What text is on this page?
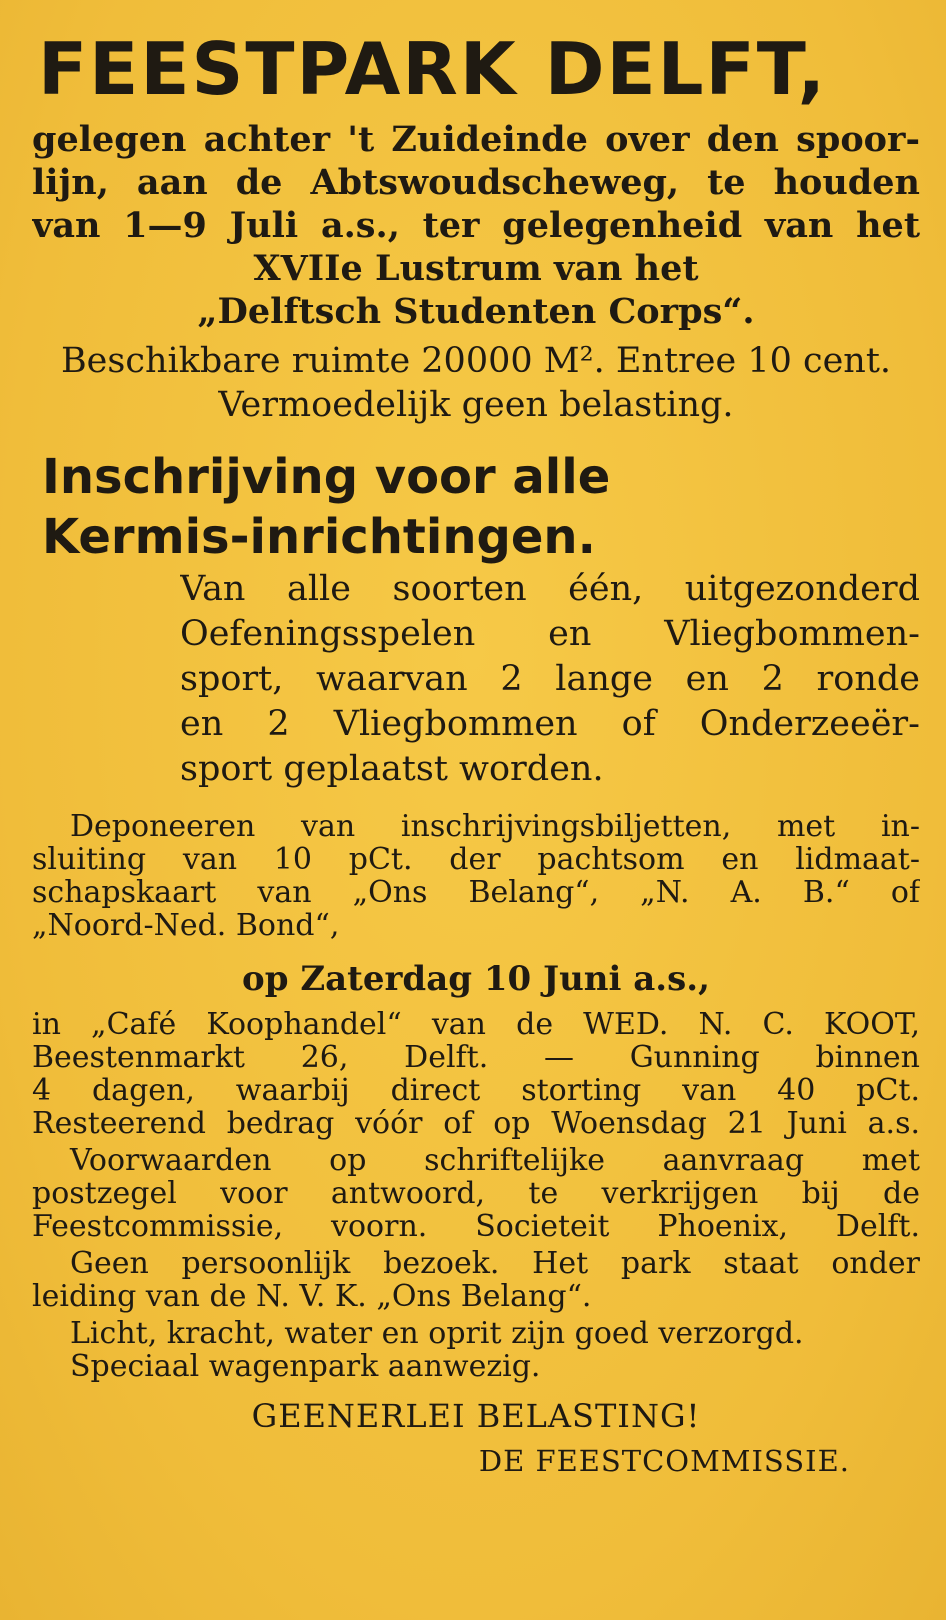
FEESTPARK DELFT,
gelegen achter 't Zuideinde over den spoor-
lijn, aan de Abtswoudscheweg, te houden
van 1—9 Juli a.s., ter gelegenheid van het
XVIIe Lustrum van het
„Delftsch Studenten Corps“.
Beschikbare ruimte 20000 M². Entree 10 cent.
Vermoedelijk geen belasting.
Inschrijving voor alle
Kermis-inrichtingen.
Van alle soorten één, uitgezonderd
Oefeningsspelen en Vliegbommen-
sport, waarvan 2 lange en 2 ronde
en 2 Vliegbommen of Onderzeeër-
sport geplaatst worden.
Deponeeren van inschrijvingsbiljetten, met in-
sluiting van 10 pCt. der pachtsom en lidmaat-
schapskaart van „Ons Belang“, „N. A. B.“ of
„Noord-Ned. Bond“,
op Zaterdag 10 Juni a.s.,
in „Café Koophandel“ van de WED. N. C. KOOT,
Beestenmarkt 26, Delft. — Gunning binnen
4 dagen, waarbij direct storting van 40 pCt.
Resteerend bedrag vóór of op Woensdag 21 Juni a.s.
Voorwaarden op schriftelijke aanvraag met
postzegel voor antwoord, te verkrijgen bij de
Feestcommissie, voorn. Societeit Phoenix, Delft.
Geen persoonlijk bezoek. Het park staat onder
leiding van de N. V. K. „Ons Belang“.
Licht, kracht, water en oprit zijn goed verzorgd.
Speciaal wagenpark aanwezig.
GEENERLEI BELASTING!
DE FEESTCOMMISSIE.
